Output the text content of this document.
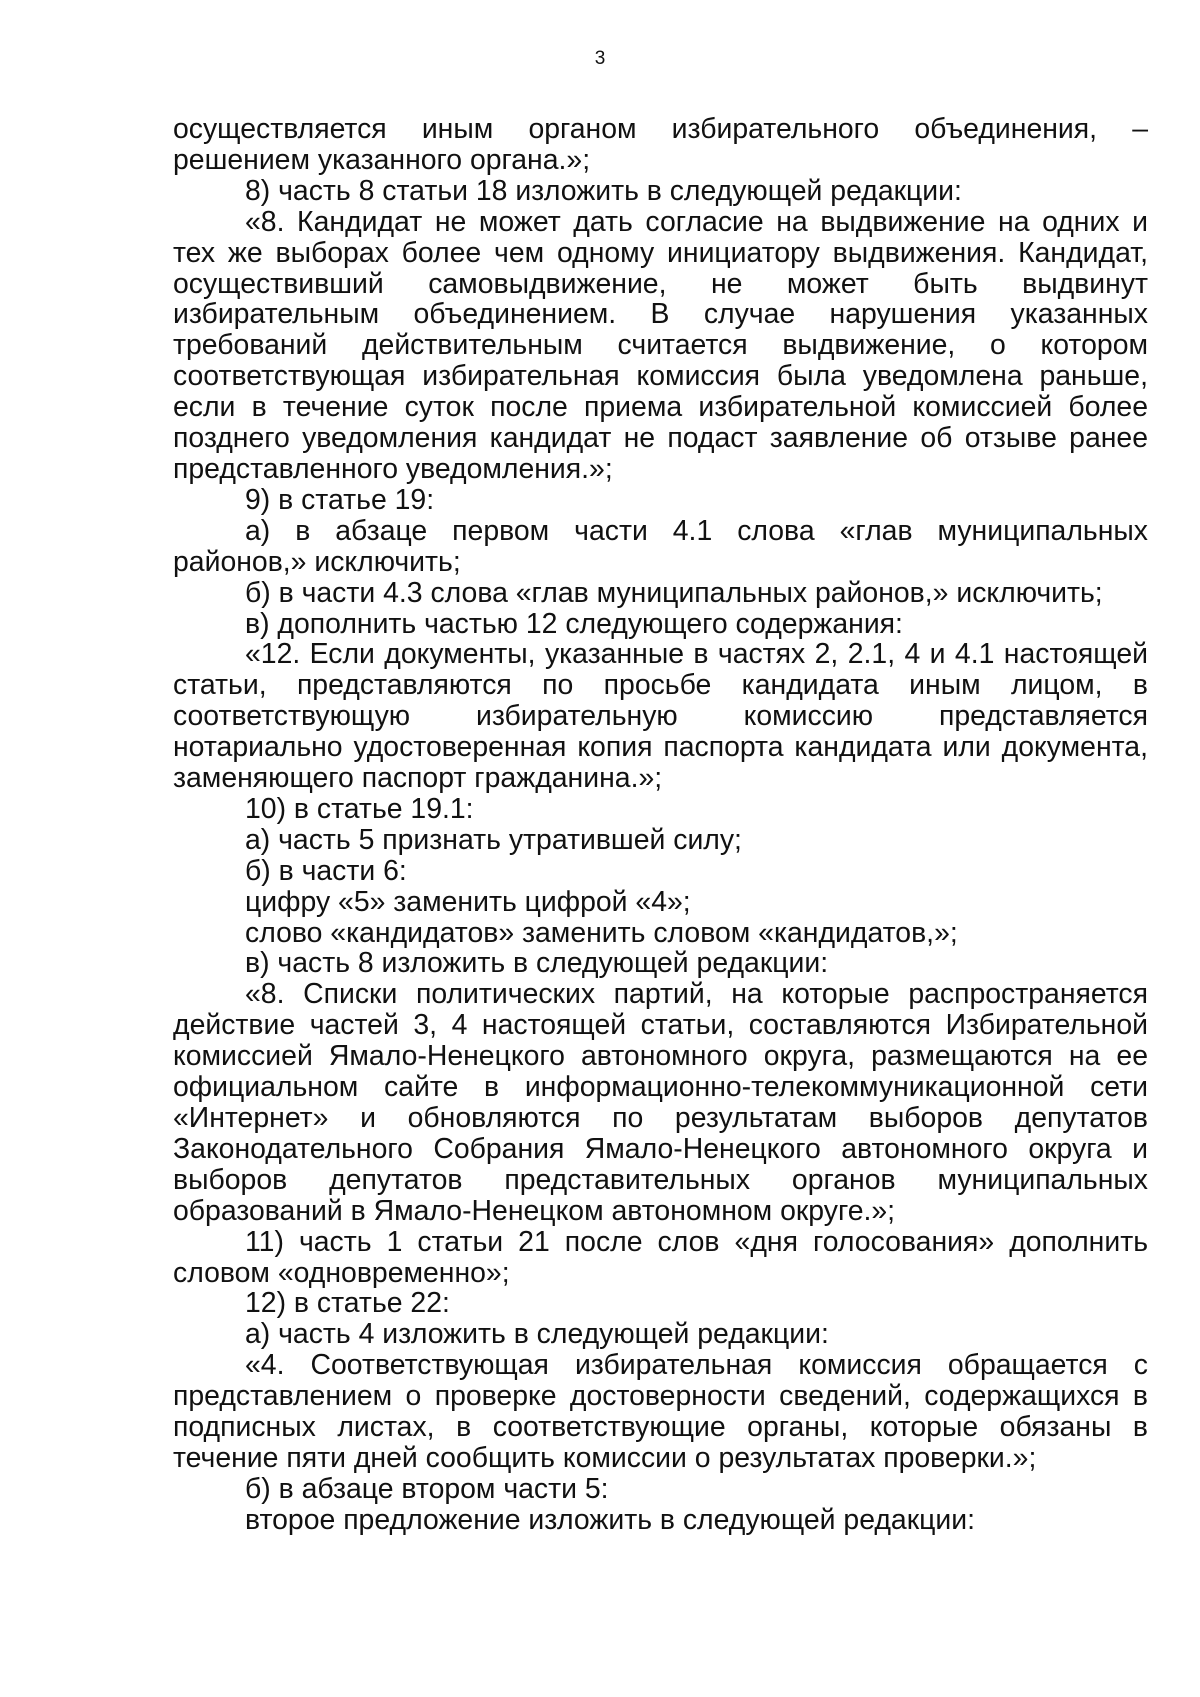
3

осуществляется иным органом избирательного объединения, – решением указанного органа.»;

8) часть 8 статьи 18 изложить в следующей редакции:

«8. Кандидат не может дать согласие на выдвижение на одних и тех же выборах более чем одному инициатору выдвижения. Кандидат, осуществивший самовыдвижение, не может быть выдвинут избирательным объединением. В случае нарушения указанных требований действительным считается выдвижение, о котором соответствующая избирательная комиссия была уведомлена раньше, если в течение суток после приема избирательной комиссией более позднего уведомления кандидат не подаст заявление об отзыве ранее представленного уведомления.»;

9) в статье 19:

а) в абзаце первом части 4.1 слова «глав муниципальных районов,» исключить;

б) в части 4.3 слова «глав муниципальных районов,» исключить;

в) дополнить частью 12 следующего содержания:

«12. Если документы, указанные в частях 2, 2.1, 4 и 4.1 настоящей статьи, представляются по просьбе кандидата иным лицом, в соответствующую избирательную комиссию представляется нотариально удостоверенная копия паспорта кандидата или документа, заменяющего паспорт гражданина.»;

10) в статье 19.1:

а) часть 5 признать утратившей силу;

б) в части 6:

цифру «5» заменить цифрой «4»;

слово «кандидатов» заменить словом «кандидатов,»;

в) часть 8 изложить в следующей редакции:

«8. Списки политических партий, на которые распространяется действие частей 3, 4 настоящей статьи, составляются Избирательной комиссией Ямало-Ненецкого автономного округа, размещаются на ее официальном сайте в информационно-телекоммуникационной сети «Интернет» и обновляются по результатам выборов депутатов Законодательного Собрания Ямало-Ненецкого автономного округа и выборов депутатов представительных органов муниципальных образований в Ямало-Ненецком автономном округе.»;

11) часть 1 статьи 21 после слов «дня голосования» дополнить словом «одновременно»;

12) в статье 22:

а) часть 4 изложить в следующей редакции:

«4. Соответствующая избирательная комиссия обращается с представлением о проверке достоверности сведений, содержащихся в подписных листах, в соответствующие органы, которые обязаны в течение пяти дней сообщить комиссии о результатах проверки.»;

б) в абзаце втором части 5:

второе предложение изложить в следующей редакции:
